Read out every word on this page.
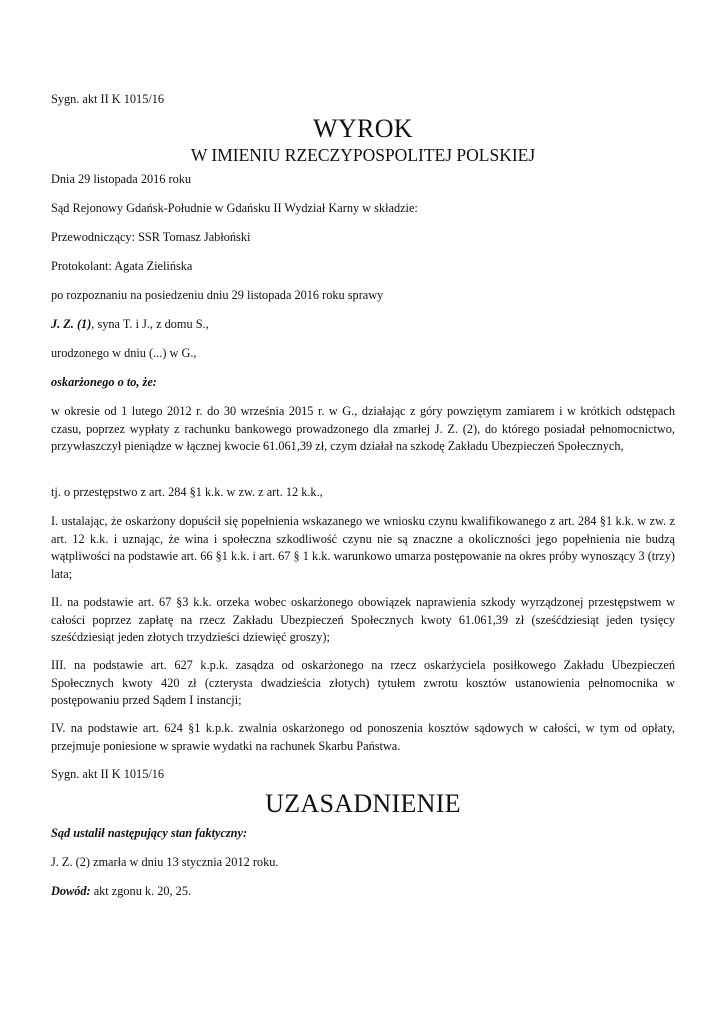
Sygn. akt II K 1015/16

WYROK

W IMIENIU RZECZYPOSPOLITEJ POLSKIEJ

Dnia 29 listopada 2016 roku

Sąd Rejonowy Gdańsk-Południe w Gdańsku II Wydział Karny w składzie:

Przewodniczący: SSR Tomasz Jabłoński

Protokolant: Agata Zielińska

po rozpoznaniu na posiedzeniu dniu 29 listopada 2016 roku sprawy

J. Z. (1), syna T. i J., z domu S.,

urodzonego w dniu (...) w G.,

oskarżonego o to, że:

w okresie od 1 lutego 2012 r. do 30 września 2015 r. w G., działając z góry powziętym zamiarem i w krótkich odstępach czasu, poprzez wypłaty z rachunku bankowego prowadzonego dla zmarłej J. Z. (2), do którego posiadał pełnomocnictwo, przywłaszczył pieniądze w łącznej kwocie 61.061,39 zł, czym działał na szkodę Zakładu Ubezpieczeń Społecznych,

tj. o przestępstwo z art. 284 §1 k.k. w zw. z art. 12 k.k.,

I. ustalając, że oskarżony dopuścił się popełnienia wskazanego we wniosku czynu kwalifikowanego z art. 284 §1 k.k. w zw. z art. 12 k.k. i uznając, że wina i społeczna szkodliwość czynu nie są znaczne a okoliczności jego popełnienia nie budzą wątpliwości na podstawie art. 66 §1 k.k. i art. 67 § 1 k.k. warunkowo umarza postępowanie na okres próby wynoszący 3 (trzy) lata;

II. na podstawie art. 67 §3 k.k. orzeka wobec oskarżonego obowiązek naprawienia szkody wyrządzonej przestępstwem w całości poprzez zapłatę na rzecz Zakładu Ubezpieczeń Społecznych kwoty 61.061,39 zł (sześćdziesiąt jeden tysięcy sześćdziesiąt jeden złotych trzydzieści dziewięć groszy);

III. na podstawie art. 627 k.p.k. zasądza od oskarżonego na rzecz oskarżyciela posiłkowego Zakładu Ubezpieczeń Społecznych kwoty 420 zł (czterysta dwadzieścia złotych) tytułem zwrotu kosztów ustanowienia pełnomocnika w postępowaniu przed Sądem I instancji;

IV. na podstawie art. 624 §1 k.p.k. zwalnia oskarżonego od ponoszenia kosztów sądowych w całości, w tym od opłaty, przejmuje poniesione w sprawie wydatki na rachunek Skarbu Państwa.

Sygn. akt II K 1015/16

UZASADNIENIE

Sąd ustalił następujący stan faktyczny:

J. Z. (2) zmarła w dniu 13 stycznia 2012 roku.

Dowód: akt zgonu k. 20, 25.
